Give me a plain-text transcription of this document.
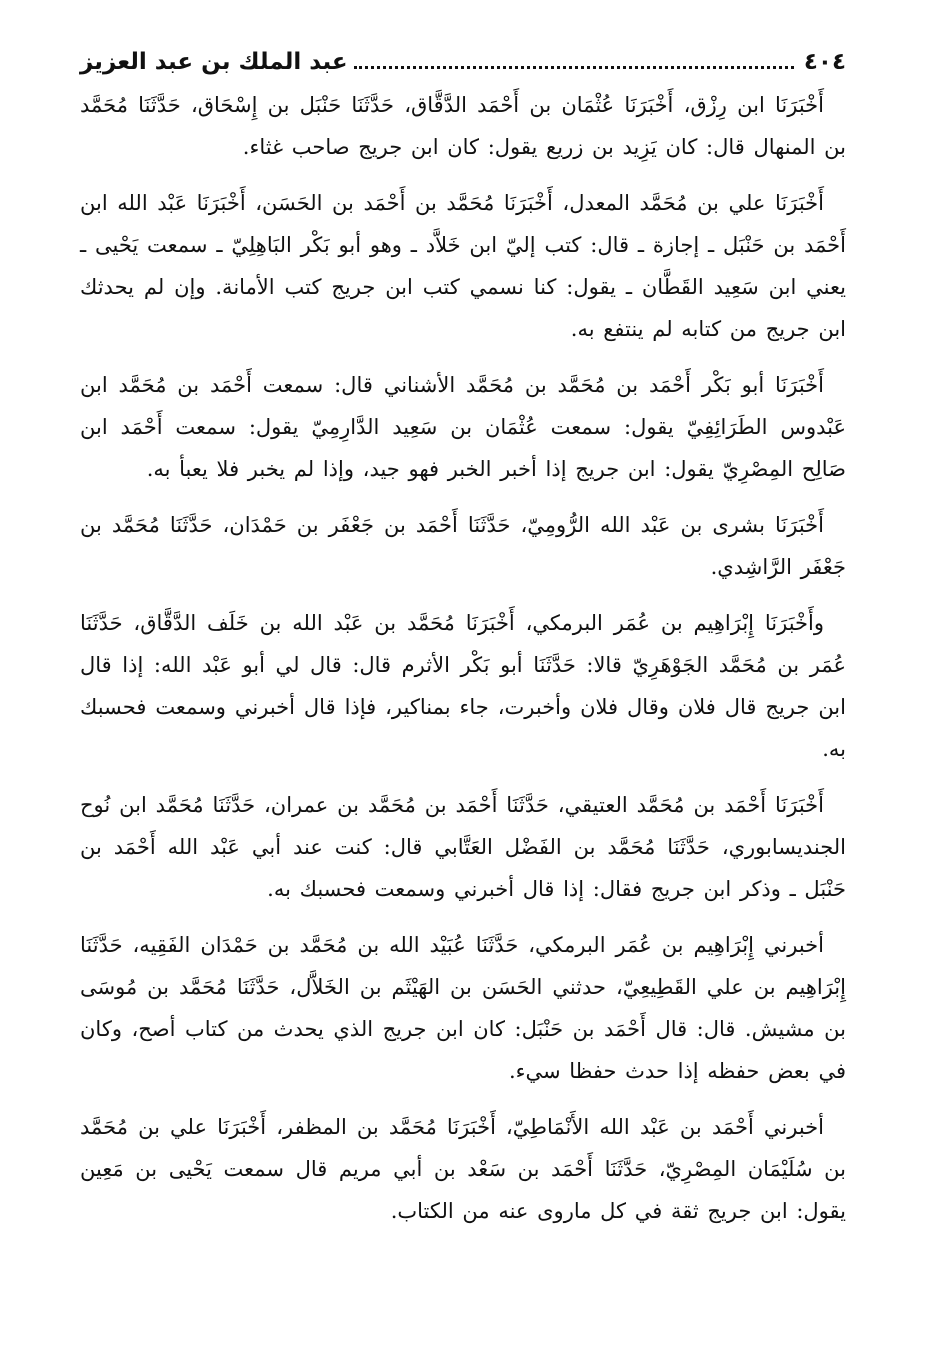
٤٠٤
عبد الملك بن عبد العزيز

أَخْبَرَنَا ابن رِزْق، أَخْبَرَنَا عُثْمَان بن أَحْمَد الدَّقَّاق، حَدَّثَنَا حَنْبَل بن إِسْحَاق، حَدَّثَنَا مُحَمَّد بن المنهال قال: كان يَزِيد بن زريع يقول: كان ابن جريج صاحب غثاء.

أَخْبَرَنَا علي بن مُحَمَّد المعدل، أَخْبَرَنَا مُحَمَّد بن أَحْمَد بن الحَسَن، أَخْبَرَنَا عَبْد الله ابن أَحْمَد بن حَنْبَل ـ إجازة ـ قال: كتب إليّ ابن خَلاَّد ـ وهو أبو بَكْر البَاهِلِيّ ـ سمعت يَحْيى ـ يعني ابن سَعِيد القَطَّان ـ يقول: كنا نسمي كتب ابن جريج كتب الأمانة. وإن لم يحدثك ابن جريج من كتابه لم ينتفع به.

أَخْبَرَنَا أبو بَكْر أَحْمَد بن مُحَمَّد بن مُحَمَّد الأشناني قال: سمعت أَحْمَد بن مُحَمَّد ابن عَبْدوس الطَرَائِفِيّ يقول: سمعت عُثْمَان بن سَعِيد الدَّارِمِيّ يقول: سمعت أَحْمَد ابن صَالِح المِصْرِيّ يقول: ابن جريج إذا أخبر الخبر فهو جيد، وإذا لم يخبر فلا يعبأ به.

أَخْبَرَنَا بشرى بن عَبْد الله الرُّومِيّ، حَدَّثَنَا أَحْمَد بن جَعْفَر بن حَمْدَان، حَدَّثَنَا مُحَمَّد بن جَعْفَر الرَّاشِدي.

وأَخْبَرَنَا إِبْرَاهِيم بن عُمَر البرمكي، أَخْبَرَنَا مُحَمَّد بن عَبْد الله بن خَلَف الدَّقَّاق، حَدَّثَنَا عُمَر بن مُحَمَّد الجَوْهَرِيّ قالا: حَدَّثَنَا أبو بَكْر الأثرم قال: قال لي أبو عَبْد الله: إذا قال ابن جريج قال فلان وقال فلان وأخبرت، جاء بمناكير، فإذا قال أخبرني وسمعت فحسبك به.

أَخْبَرَنَا أَحْمَد بن مُحَمَّد العتيقي، حَدَّثَنَا أَحْمَد بن مُحَمَّد بن عمران، حَدَّثَنَا مُحَمَّد ابن نُوح الجنديسابوري، حَدَّثَنَا مُحَمَّد بن الفَضْل العَتَّابي قال: كنت عند أبي عَبْد الله أَحْمَد بن حَنْبَل ـ وذكر ابن جريج فقال: إذا قال أخبرني وسمعت فحسبك به.

أخبرني إِبْرَاهِيم بن عُمَر البرمكي، حَدَّثَنَا عُبَيْد الله بن مُحَمَّد بن حَمْدَان الفَقِيه، حَدَّثَنَا إِبْرَاهِيم بن علي القَطِيعِيّ، حدثني الحَسَن بن الهَيْثَم بن الخَلاَّل، حَدَّثَنَا مُحَمَّد بن مُوسَى بن مشيش. قال: قال أَحْمَد بن حَنْبَل: كان ابن جريج الذي يحدث من كتاب أصح، وكان في بعض حفظه إذا حدث حفظا سيء.

أخبرني أَحْمَد بن عَبْد الله الأَنْمَاطِيّ، أَخْبَرَنَا مُحَمَّد بن المظفر، أَخْبَرَنَا علي بن مُحَمَّد بن سُلَيْمَان المِصْرِيّ، حَدَّثَنَا أَحْمَد بن سَعْد بن أبي مريم قال سمعت يَحْيى بن مَعِين يقول: ابن جريج ثقة في كل ماروى عنه من الكتاب.
